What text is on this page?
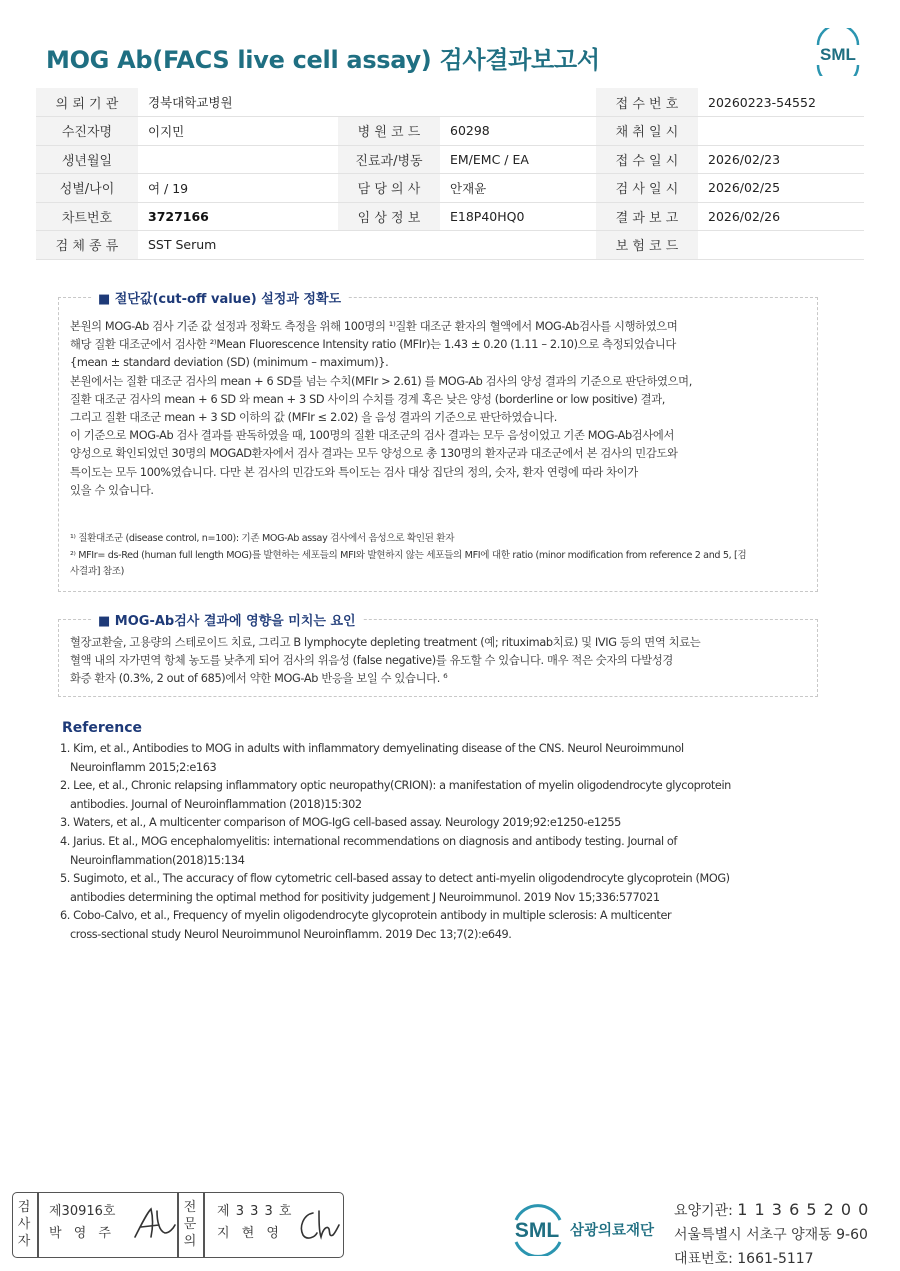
MOG Ab(FACS live cell assay) 검사결과보고서	SML
의 뢰 기 관	경북대학교병원			접 수 번 호	20260223-54552
수진자명	이지민	병 원 코 드	60298	채 취 일 시	
생년월일		진료과/병동	EM/EMC / EA	접 수 일 시	2026/02/23
성별/나이	여 / 19	담 당 의 사	안재윤	검 사 일 시	2026/02/25
차트번호	3727166	임 상 정 보	E18P40HQ0	결 과 보 고	2026/02/26
검 체 종 류	SST Serum			보 험 코 드	
■ 절단값(cut-off value) 설정과 정확도
본원의 MOG-Ab 검사 기준 값 설정과 정확도 측정을 위해 100명의 ¹⁾질환 대조군 환자의 혈액에서 MOG-Ab검사를 시행하였으며
해당 질환 대조군에서 검사한 ²⁾Mean Fluorescence Intensity ratio (MFIr)는 1.43 ± 0.20 (1.11 – 2.10)으로 측정되었습니다
{mean ± standard deviation (SD) (minimum – maximum)}.
본원에서는 질환 대조군 검사의 mean + 6 SD를 넘는 수치(MFIr > 2.61) 를 MOG-Ab 검사의 양성 결과의 기준으로 판단하였으며,
질환 대조군 검사의 mean + 6 SD 와 mean + 3 SD 사이의 수치를 경계 혹은 낮은 양성 (borderline or low positive) 결과,
그리고 질환 대조군 mean + 3 SD 이하의 값 (MFIr ≤ 2.02) 을 음성 결과의 기준으로 판단하였습니다.
이 기준으로 MOG-Ab 검사 결과를 판독하였을 때, 100명의 질환 대조군의 검사 결과는 모두 음성이었고 기존 MOG-Ab검사에서
양성으로 확인되었던 30명의 MOGAD환자에서 검사 결과는 모두 양성으로 총 130명의 환자군과 대조군에서 본 검사의 민감도와
특이도는 모두 100%였습니다. 다만 본 검사의 민감도와 특이도는 검사 대상 집단의 정의, 숫자, 환자 연령에 따라 차이가
있을 수 있습니다.
¹⁾ 질환대조군 (disease control, n=100): 기존 MOG-Ab assay 검사에서 음성으로 확인된 환자
²⁾ MFIr= ds-Red (human full length MOG)를 발현하는 세포들의 MFI와 발현하지 않는 세포들의 MFI에 대한 ratio (minor modification from reference 2 and 5, [검
사결과] 참조)
■ MOG-Ab검사 결과에 영향을 미치는 요인
혈장교환술, 고용량의 스테로이드 치료, 그리고 B lymphocyte depleting treatment (예; rituximab치료) 및 IVIG 등의 면역 치료는
혈액 내의 자가면역 항체 농도를 낮추게 되어 검사의 위음성 (false negative)를 유도할 수 있습니다. 매우 적은 숫자의 다발성경
화증 환자 (0.3%, 2 out of 685)에서 약한 MOG-Ab 반응을 보일 수 있습니다. ⁶
Reference
1. Kim, et al., Antibodies to MOG in adults with inflammatory demyelinating disease of the CNS. Neurol Neuroimmunol
Neuroinflamm 2015;2:e163
2. Lee, et al., Chronic relapsing inflammatory optic neuropathy(CRION): a manifestation of myelin oligodendrocyte glycoprotein
antibodies. Journal of Neuroinflammation (2018)15:302
3. Waters, et al., A multicenter comparison of MOG-IgG cell-based assay. Neurology 2019;92:e1250-e1255
4. Jarius. Et al., MOG encephalomyelitis: international recommendations on diagnosis and antibody testing. Journal of
Neuroinflammation(2018)15:134
5. Sugimoto, et al., The accuracy of flow cytometric cell-based assay to detect anti-myelin oligodendrocyte glycoprotein (MOG)
antibodies determining the optimal method for positivity judgement J Neuroimmunol. 2019 Nov 15;336:577021
6. Cobo-Calvo, et al., Frequency of myelin oligodendrocyte glycoprotein antibody in multiple sclerosis: A multicenter
cross-sectional study Neurol Neuroimmunol Neuroinflamm. 2019 Dec 13;7(2):e649.
검
사
자
제30916호
박 영 주
전
문
의
제 3 3 3 호
지 현 영	SML 삼광의료재단
요양기관: 1 1 3 6 5 2 0 0
서울특별시 서초구 양재동 9-60
대표번호: 1661-5117
